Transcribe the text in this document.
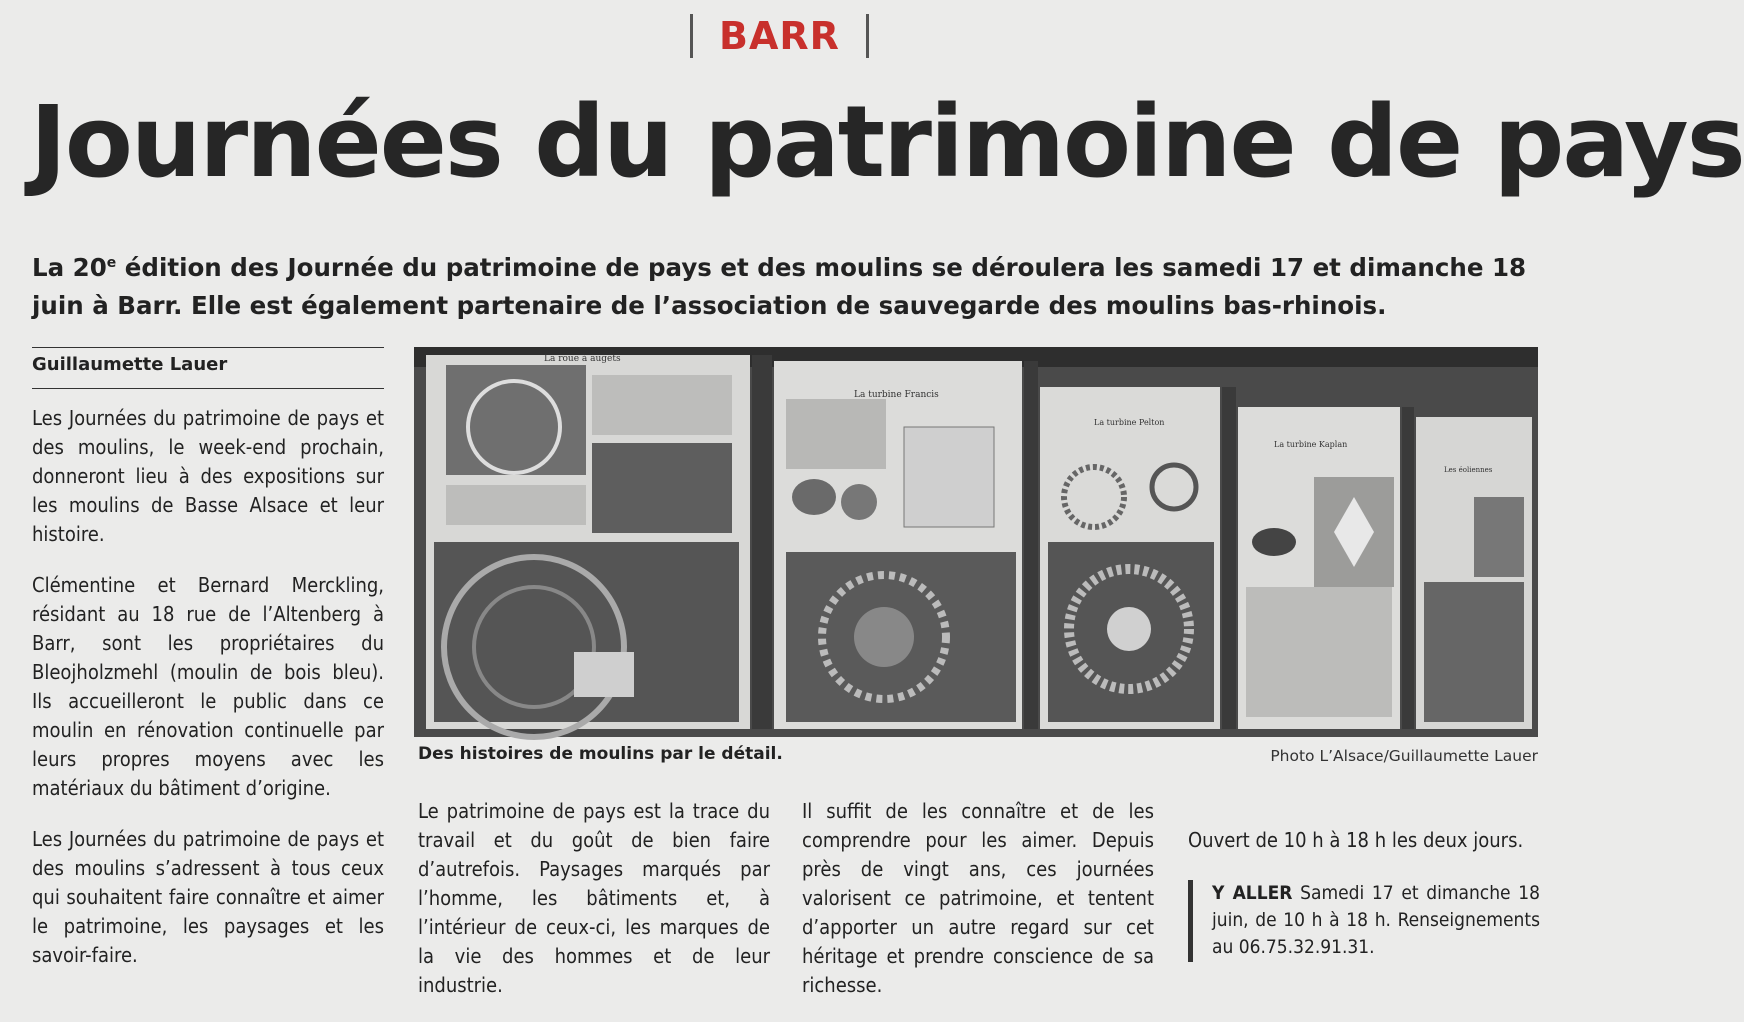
BARR
Journées du patrimoine de pays

La 20e édition des Journée du patrimoine de pays et des moulins se déroulera les samedi 17 et dimanche 18 juin à Barr. Elle est également partenaire de l’association de sauvegarde des moulins bas-rhinois.

Guillaumette Lauer

Les Journées du patrimoine de pays et des moulins, le week-end prochain, donneront lieu à des expositions sur les moulins de Basse Alsace et leur histoire.

Clémentine et Bernard Merckling, résidant au 18 rue de l’Altenberg à Barr, sont les propriétaires du Bleojholzmehl (moulin de bois bleu). Ils accueilleront le public dans ce moulin en rénovation continuelle par leurs propres moyens avec les matériaux du bâtiment d’origine.

Les Journées du patrimoine de pays et des moulins s’adressent à tous ceux qui souhaitent faire connaître et aimer le patrimoine, les paysages et les savoir-faire.

La roue à augets
La turbine Francis
La turbine Pelton
La turbine Kaplan
Les éoliennes
Des histoires de moulins par le détail.	Photo L’Alsace/Guillaumette Lauer

Le patrimoine de pays est la trace du travail et du goût de bien faire d’autrefois. Paysages marqués par l’homme, les bâtiments et, à l’intérieur de ceux-ci, les marques de la vie des hommes et de leur industrie.

Il suffit de les connaître et de les comprendre pour les aimer. Depuis près de vingt ans, ces journées valorisent ce patrimoine, et tentent d’apporter un autre regard sur cet héritage et prendre conscience de sa richesse.

Ouvert de 10 h à 18 h les deux jours.

Y ALLER Samedi 17 et dimanche 18 juin, de 10 h à 18 h. Renseignements au 06.75.32.91.31.
